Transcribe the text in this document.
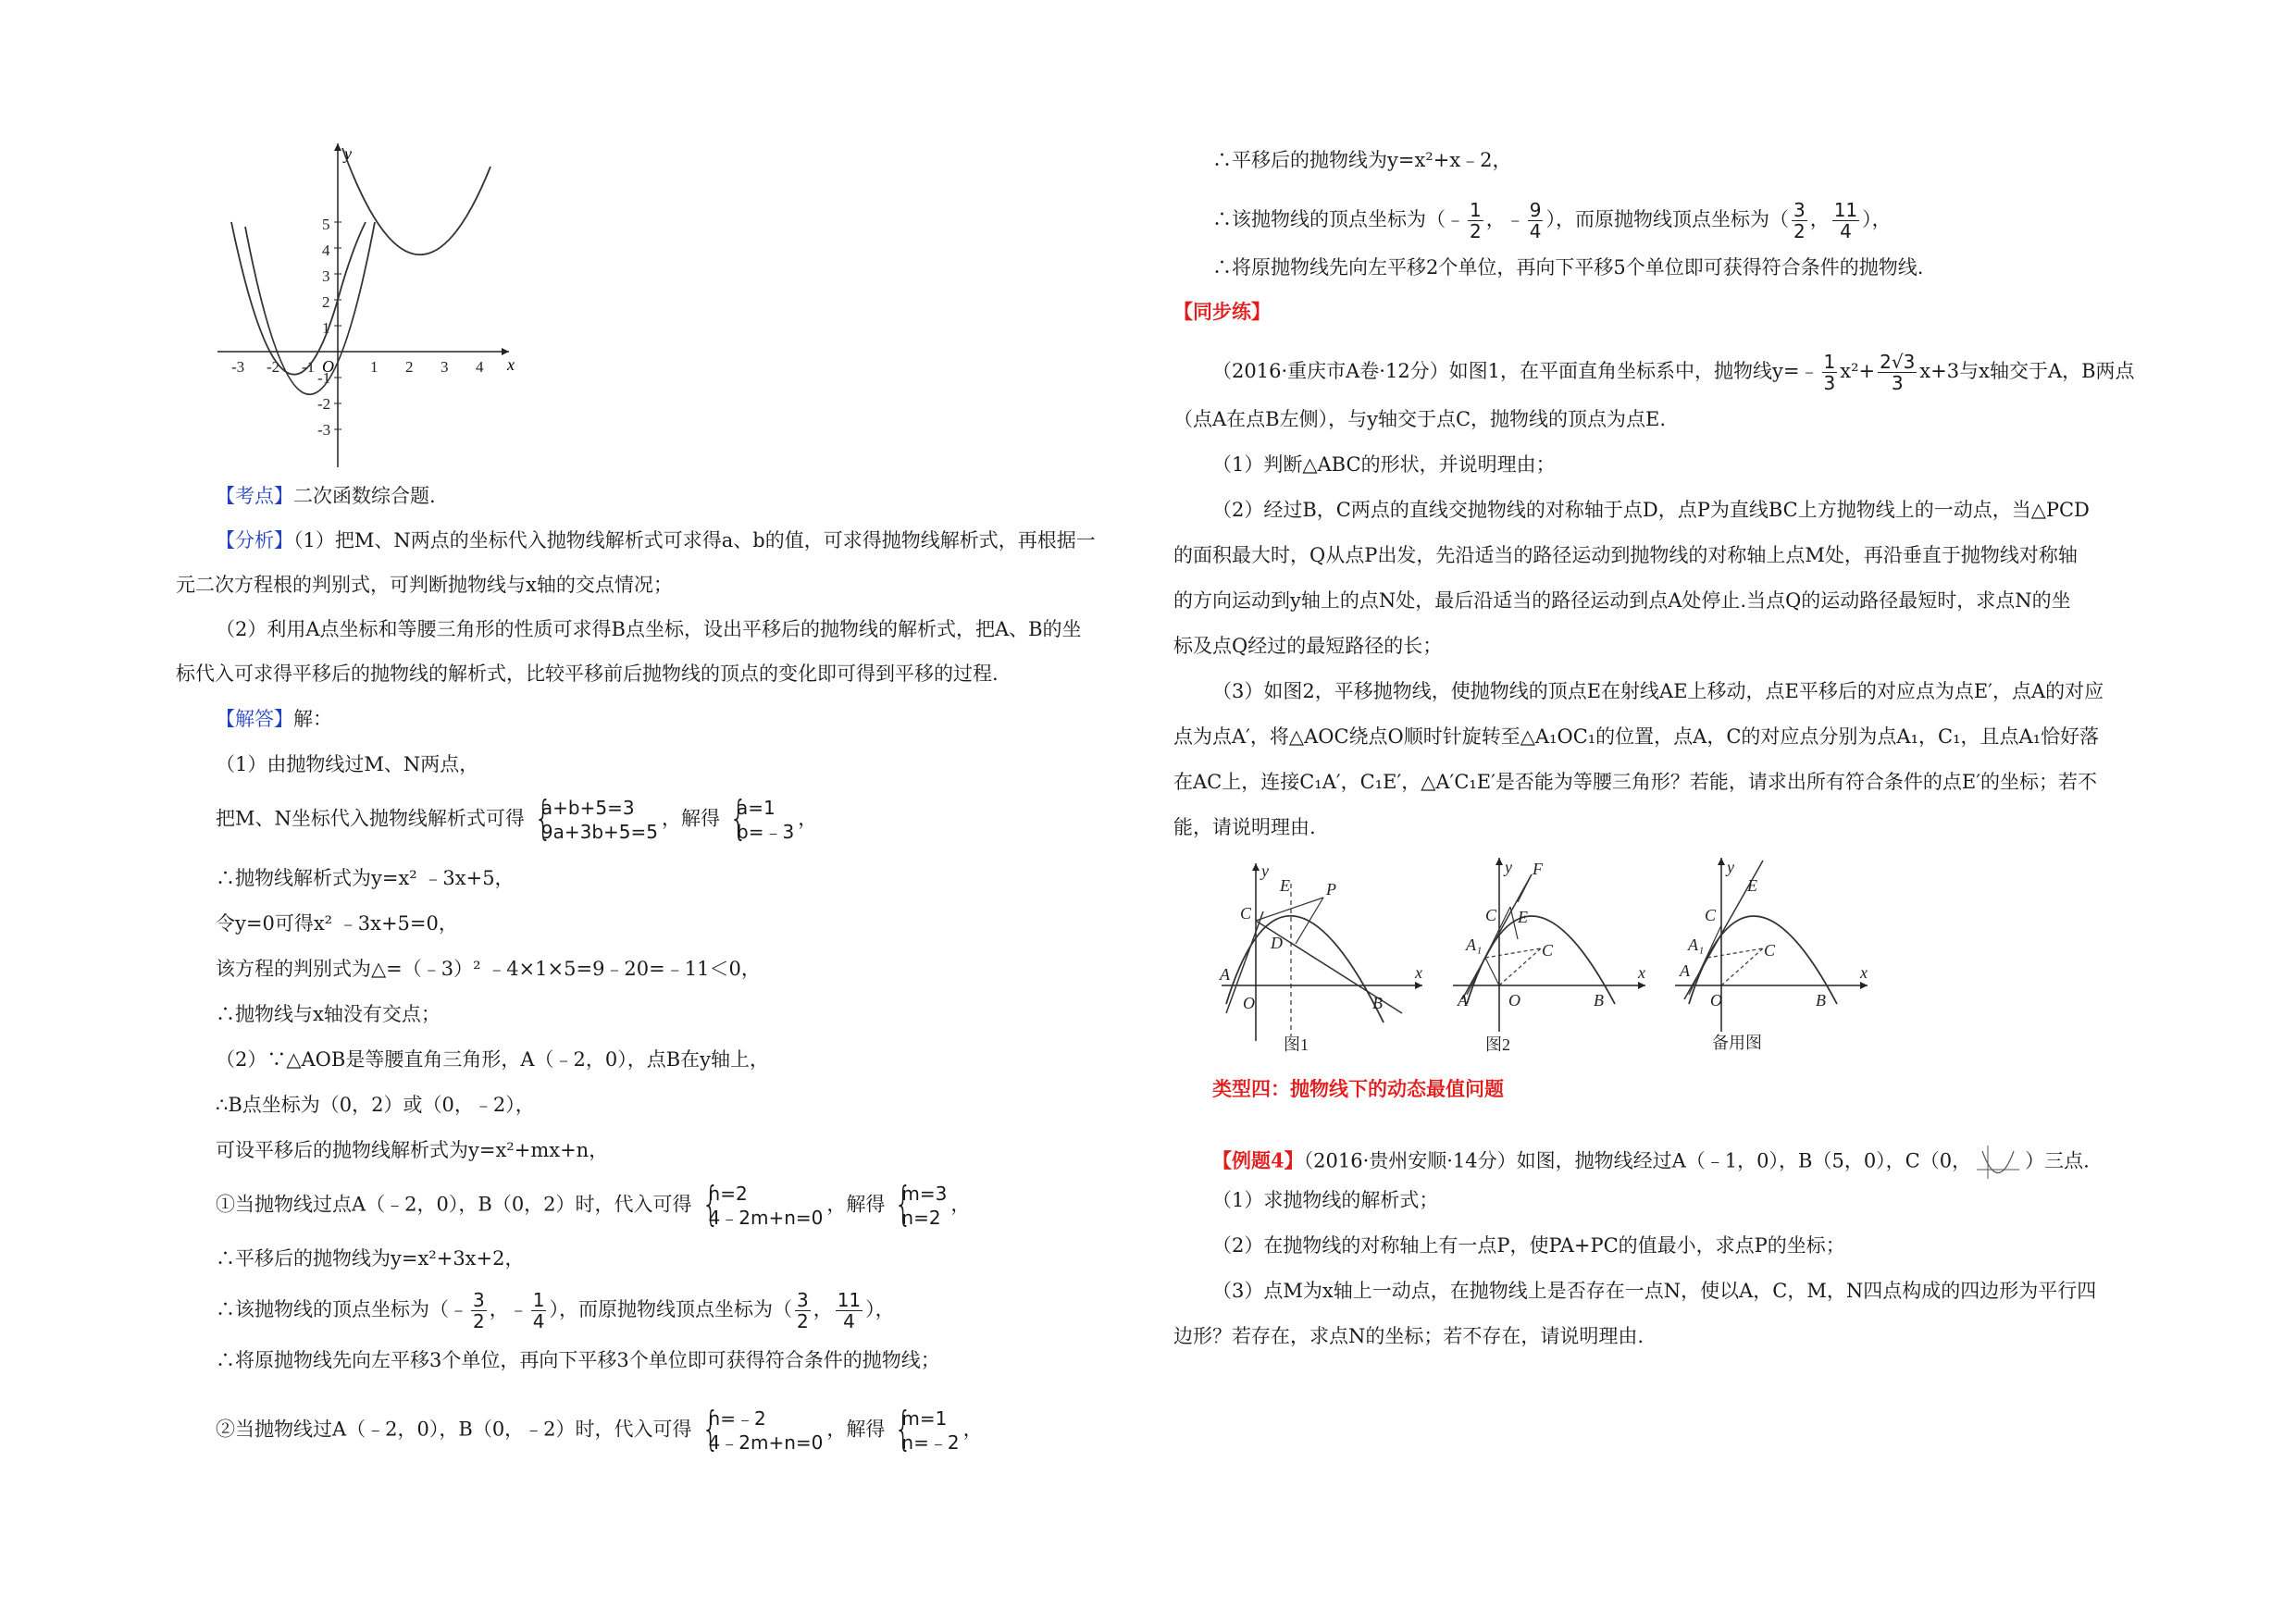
x
y
O
5
4
3
2
1
-1
-2
-3
-3 -2 -1	1 2 3 4
【考点】二次函数综合题.
【分析】（1）把M、N两点的坐标代入抛物线解析式可求得a、b的值，可求得抛物线解析式，再根据一
元二次方程根的判别式，可判断抛物线与x轴的交点情况；
（2）利用A点坐标和等腰三角形的性质可求得B点坐标，设出平移后的抛物线的解析式，把A、B的坐
标代入可求得平移后的抛物线的解析式，比较平移前后抛物线的顶点的变化即可得到平移的过程.
【解答】解：
（1）由抛物线过M、N两点，
把M、N坐标代入抛物线解析式可得 {
a+b+5=3
9a+3b+5=5
，解得 {
a=1
b=﹣3
，
∴抛物线解析式为y=x² ﹣3x+5，
令y=0可得x² ﹣3x+5=0，
该方程的判别式为△=（﹣3）² ﹣4×1×5=9﹣20=﹣11＜0，
∴抛物线与x轴没有交点；
（2）∵△AOB是等腰直角三角形，A（﹣2，0），点B在y轴上，
∴B点坐标为（0，2）或（0，﹣2），
可设平移后的抛物线解析式为y=x²+mx+n，
①当抛物线过点A（﹣2，0），B（0，2）时，代入可得 {
n=2
4﹣2m+n=0
，解得 {
m=3
n=2
，
∴平移后的抛物线为y=x²+3x+2，
∴该抛物线的顶点坐标为（﹣ $\frac{3}{2}$ ，﹣ $\frac{1}{4}$ ），而原抛物线顶点坐标为（ $\frac{3}{2}$ ， $\frac{11}{4}$ ），
∴将原抛物线先向左平移3个单位，再向下平移3个单位即可获得符合条件的抛物线；
②当抛物线过A（﹣2，0），B（0，﹣2）时，代入可得 {
n=﹣2
4﹣2m+n=0
，解得 {
m=1
n=﹣2
，
∴平移后的抛物线为y=x²+x﹣2，
∴该抛物线的顶点坐标为（﹣ $\frac{1}{2}$ ，﹣ $\frac{9}{4}$ ），而原抛物线顶点坐标为（ $\frac{3}{2}$ ， $\frac{11}{4}$ ），
∴将原抛物线先向左平移2个单位，再向下平移5个单位即可获得符合条件的抛物线.
【同步练】
（2016·重庆市A卷·12分）如图1，在平面直角坐标系中，抛物线y=﹣ $\frac{1}{3} x^2+ \frac{2√3}{3} x+3$与x轴交于A，B两点
（点A在点B左侧），与y轴交于点C，抛物线的顶点为点E.
（1）判断△ABC的形状，并说明理由；
（2）经过B，C两点的直线交抛物线的对称轴于点D，点P为直线BC上方抛物线上的一动点，当△PCD
的面积最大时，Q从点P出发，先沿适当的路径运动到抛物线的对称轴上点M处，再沿垂直于抛物线对称轴
的方向运动到y轴上的点N处，最后沿适当的路径运动到点A处停止.当点Q的运动路径最短时，求点N的坐
标及点Q经过的最短路径的长；
（3）如图2，平移抛物线，使抛物线的顶点E在射线AE上移动，点E平移后的对应点为点E′，点A的对应
点为点A′，将△AOC绕点O顺时针旋转至△A₁OC₁的位置，点A，C的对应点分别为点A₁，C₁，且点A₁恰好落
在AC上，连接C₁A′，C₁E′，△A′C₁E′是否能为等腰三角形？若能，请求出所有符合条件的点E′的坐标；若不
能，请说明理由.
y
x
C
E P
D
A
O	B
图1
y
x
F
E
C
A₁	C
A O	B
图2
y
x
E
C
A₁	C
A
O	B
备用图
类型四：抛物线下的动态最值问题
【例题4】（2016·贵州安顺·14分）如图，抛物线经过A（﹣1，0），B（5，0），C（0，	）三点.
（1）求抛物线的解析式；
（2）在抛物线的对称轴上有一点P，使PA+PC的值最小，求点P的坐标；
（3）点M为x轴上一动点，在抛物线上是否存在一点N，使以A，C，M，N四点构成的四边形为平行四
边形？若存在，求点N的坐标；若不存在，请说明理由.
